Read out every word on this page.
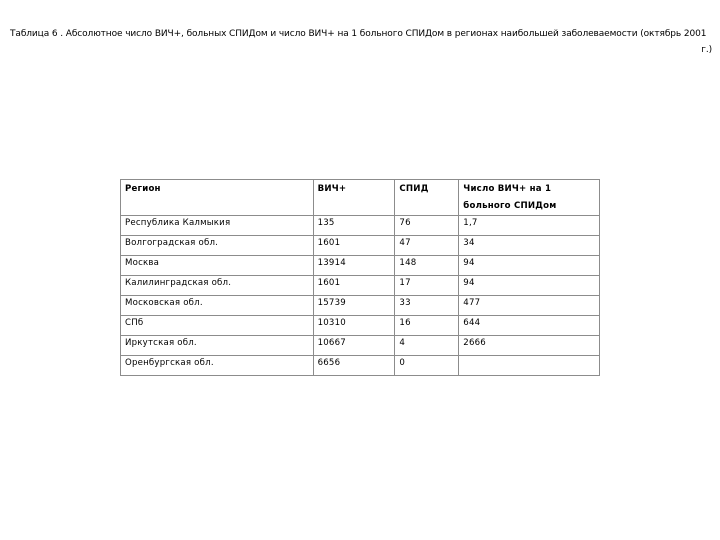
Таблица 6 . Абсолютное число ВИЧ+, больных СПИДом и число ВИЧ+ на 1 больного СПИДом в регионах наибольшей заболеваемости (октябрь 2001
г.)
Регион	ВИЧ+	СПИД	Число ВИЧ+ на 1 больного СПИДом
Республика Калмыкия	135	76	1,7
Волгоградская обл.	1601	47	34
Москва	13914	148	94
Калилинградская обл.	1601	17	94
Московская обл.	15739	33	477
СПб	10310	16	644
Иркутская обл.	10667	4	2666
Оренбургская обл.	6656	0	
